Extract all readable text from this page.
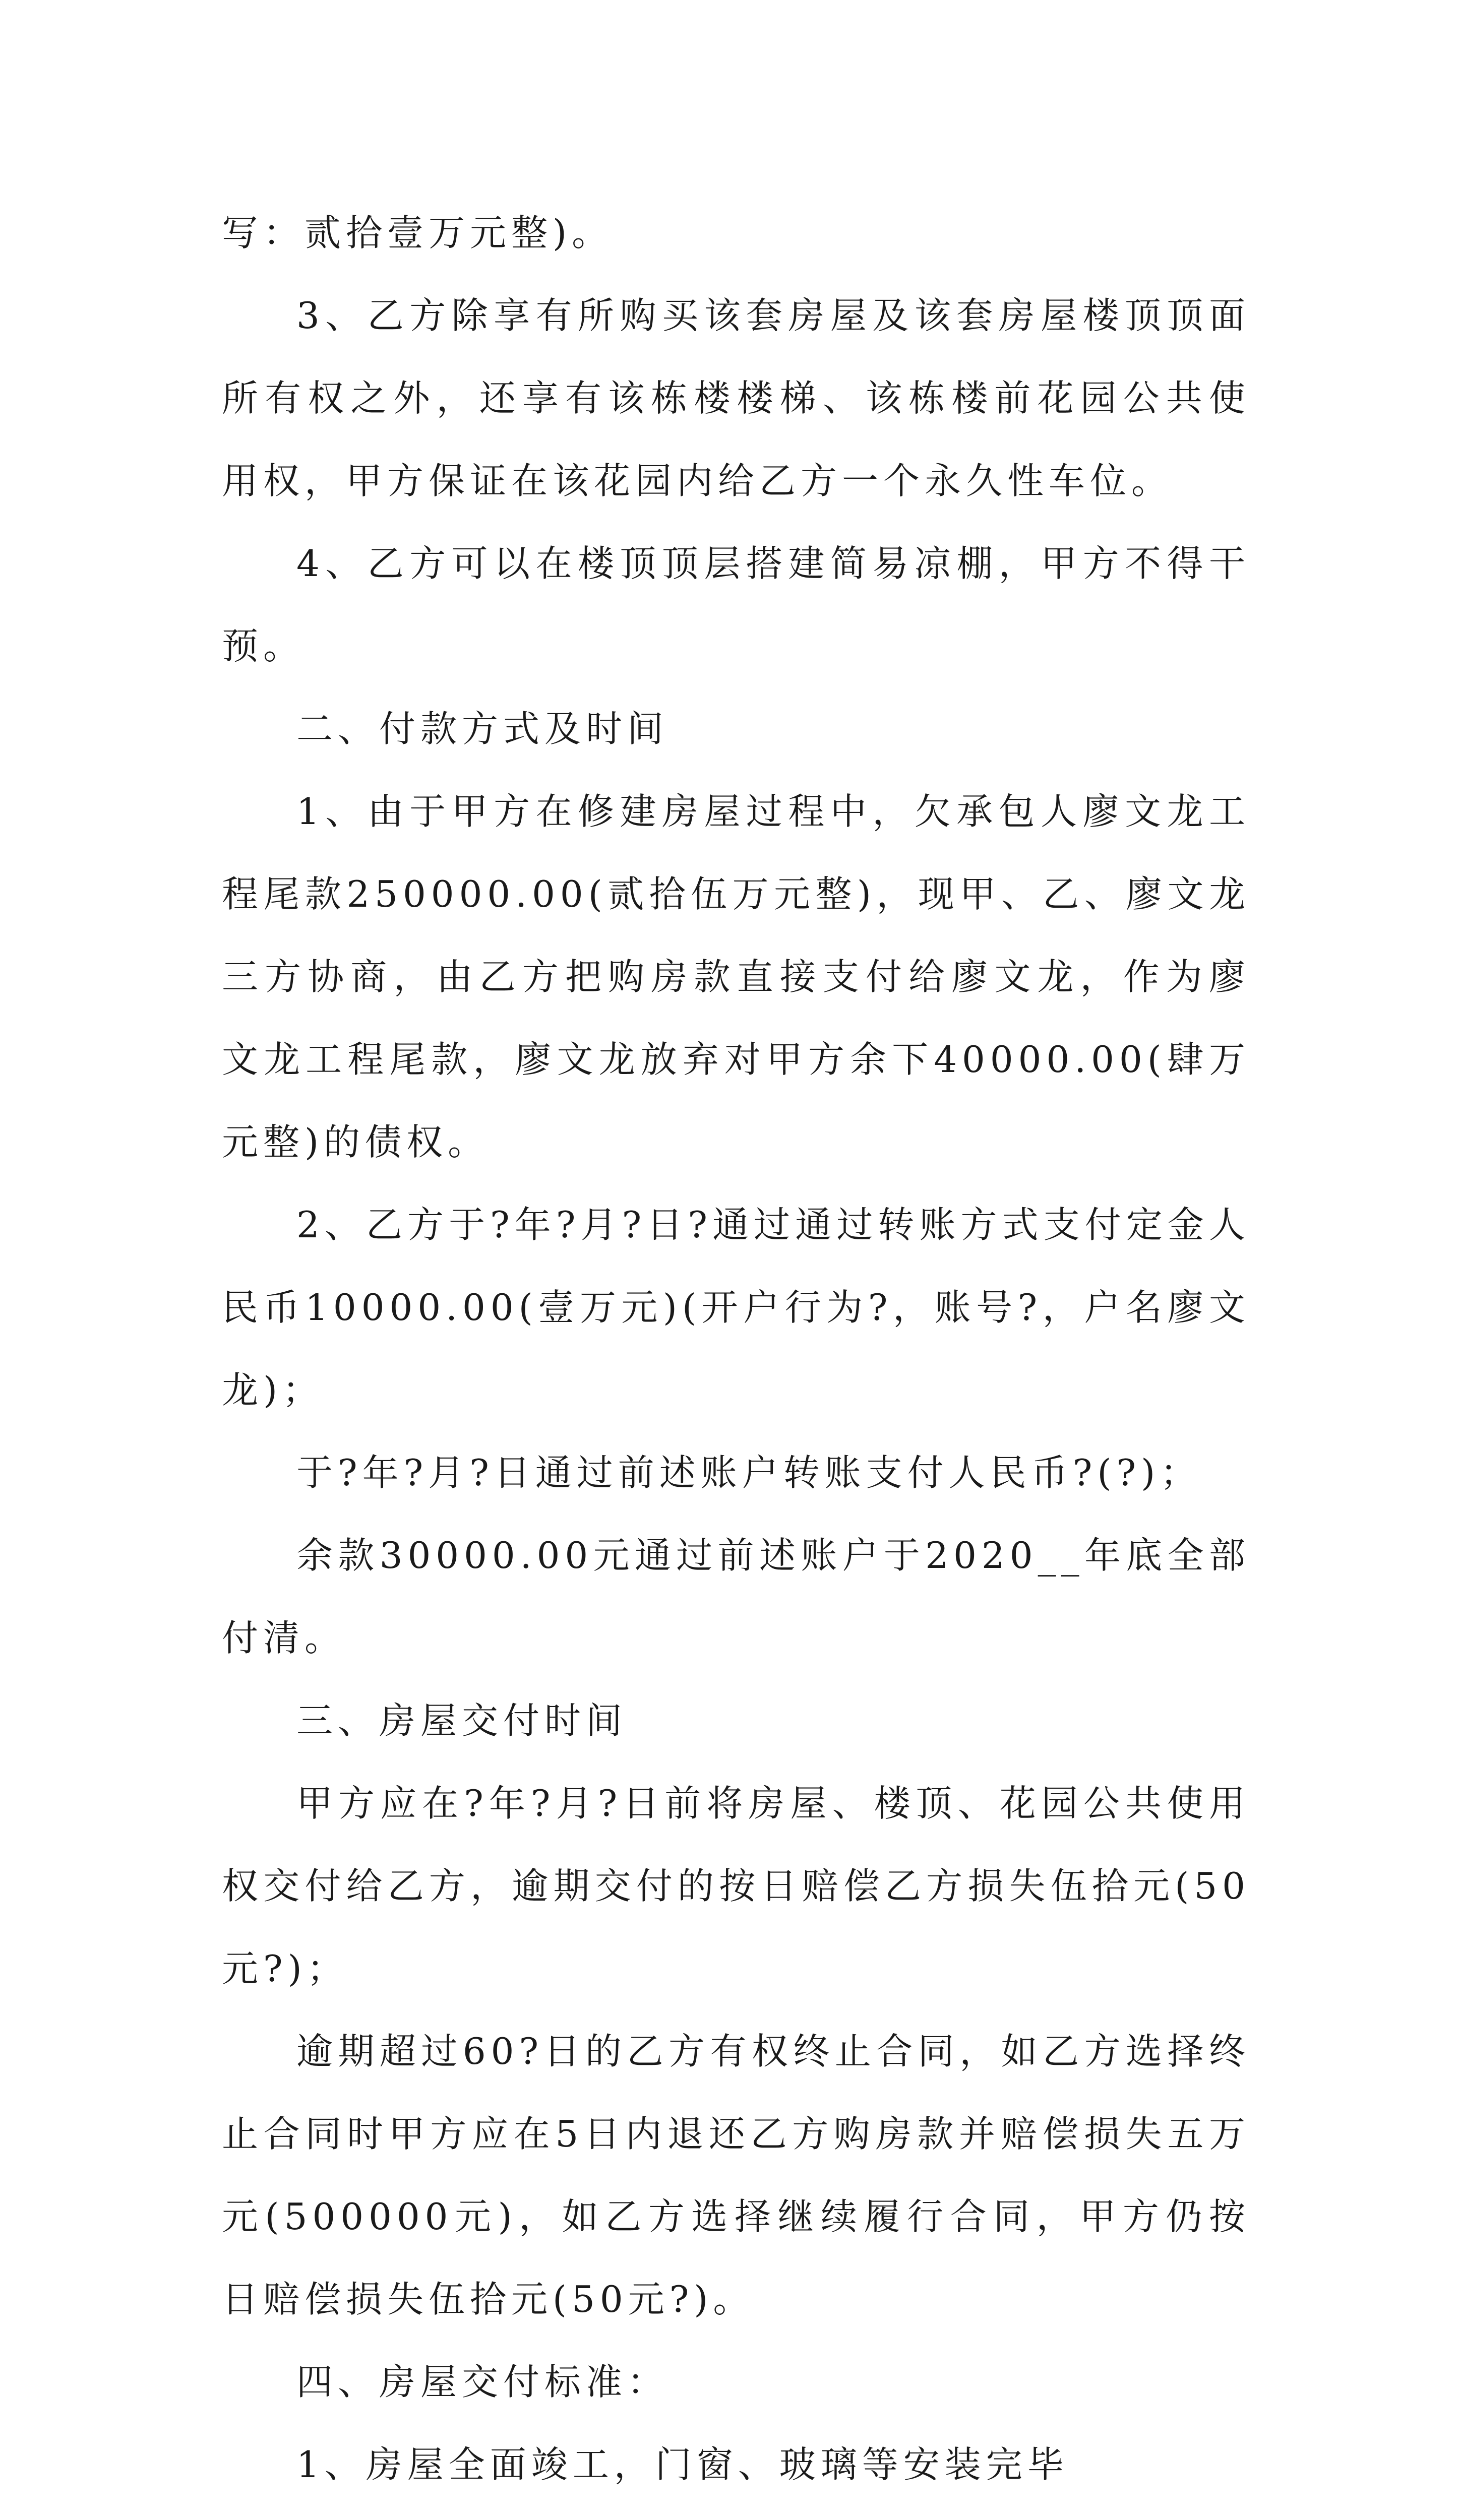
写：贰拾壹万元整)。

3、乙方除享有所购买该套房屋及该套房屋楼顶顶面所有权之外，还享有该栋楼楼梯、该栋楼前花园公共使用权，甲方保证在该花园内给乙方一个永久性车位。

4、乙方可以在楼顶顶层搭建简易凉棚，甲方不得干预。

二、付款方式及时间

1、由于甲方在修建房屋过程中，欠承包人廖文龙工程尾款250000.00(贰拾伍万元整)，现甲、乙、廖文龙三方协商，由乙方把购房款直接支付给廖文龙，作为廖文龙工程尾款，廖文龙放弃对甲方余下40000.00(肆万元整)的债权。

2、乙方于?年?月?日?通过通过转账方式支付定金人民币10000.00(壹万元)(开户行为?，账号?，户名廖文龙)；

于?年?月?日通过前述账户转账支付人民币?(?)；

余款30000.00元通过前述账户于2020__年底全部付清。

三、房屋交付时间

甲方应在?年?月?日前将房屋、楼顶、花园公共使用权交付给乙方，逾期交付的按日赔偿乙方损失伍拾元(50元?)；

逾期超过60?日的乙方有权终止合同，如乙方选择终止合同时甲方应在5日内退还乙方购房款并赔偿损失五万元(500000元)，如乙方选择继续履行合同，甲方仍按日赔偿损失伍拾元(50元?)。

四、房屋交付标准：

1、房屋全面竣工，门窗、玻璃等安装完毕
